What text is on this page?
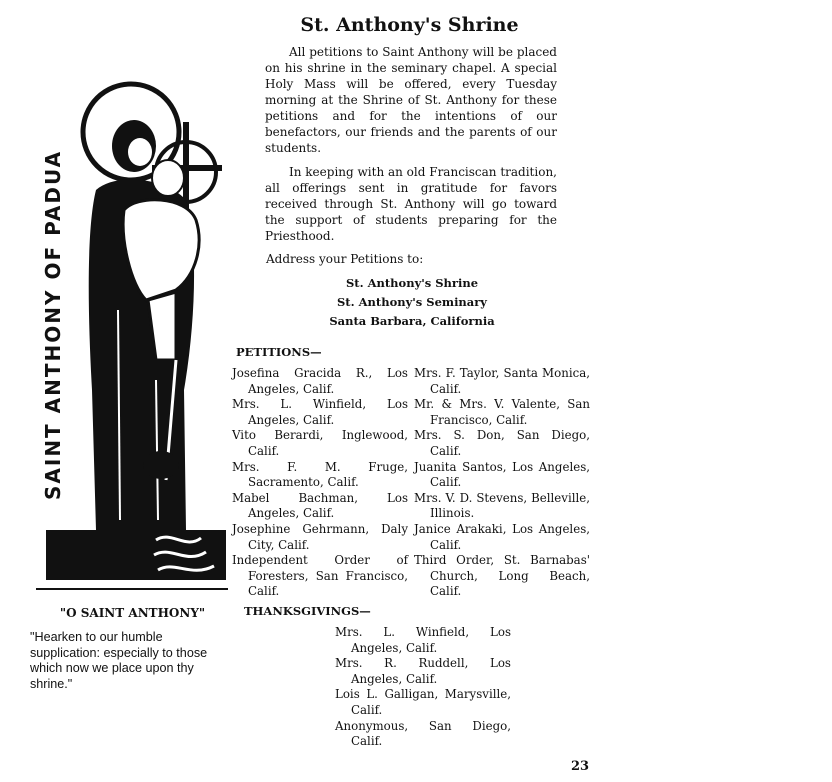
SAINT ANTHONY OF PADUA
"O SAINT ANTHONY"
"Hearken to our humble supplication: especially to those which now we place upon thy shrine."
St. Anthony's Shrine

All petitions to Saint Anthony will be placed on his shrine in the seminary chapel. A special Holy Mass will be offered, every Tuesday morning at the Shrine of St. Anthony for these petitions and for the intentions of our benefactors, our friends and the parents of our students.

In keeping with an old Franciscan tradition, all offerings sent in gratitude for favors received through St. Anthony will go toward the support of students preparing for the Priesthood.

Address your Petitions to:
St. Anthony's Shrine
St. Anthony's Seminary
Santa Barbara, California
PETITIONS—

Josefina Gracida R., Los Angeles, Calif.

Mrs. L. Winfield, Los Angeles, Calif.

Vito Berardi, Inglewood, Calif.

Mrs. F. M. Fruge, Sacramento, Calif.

Mabel Bachman, Los Angeles, Calif.

Josephine Gehrmann, Daly City, Calif.

Independent Order of Foresters, San Francisco, Calif.

Mrs. F. Taylor, Santa Monica, Calif.

Mr. & Mrs. V. Valente, San Francisco, Calif.

Mrs. S. Don, San Diego, Calif.

Juanita Santos, Los Angeles, Calif.

Mrs. V. D. Stevens, Belleville, Illinois.

Janice Arakaki, Los Angeles, Calif.

Third Order, St. Barnabas' Church, Long Beach, Calif.

THANKSGIVINGS—

Mrs. L. Winfield, Los Angeles, Calif.

Mrs. R. Ruddell, Los Angeles, Calif.

Lois L. Galligan, Marysville, Calif.

Anonymous, San Diego, Calif.

23
